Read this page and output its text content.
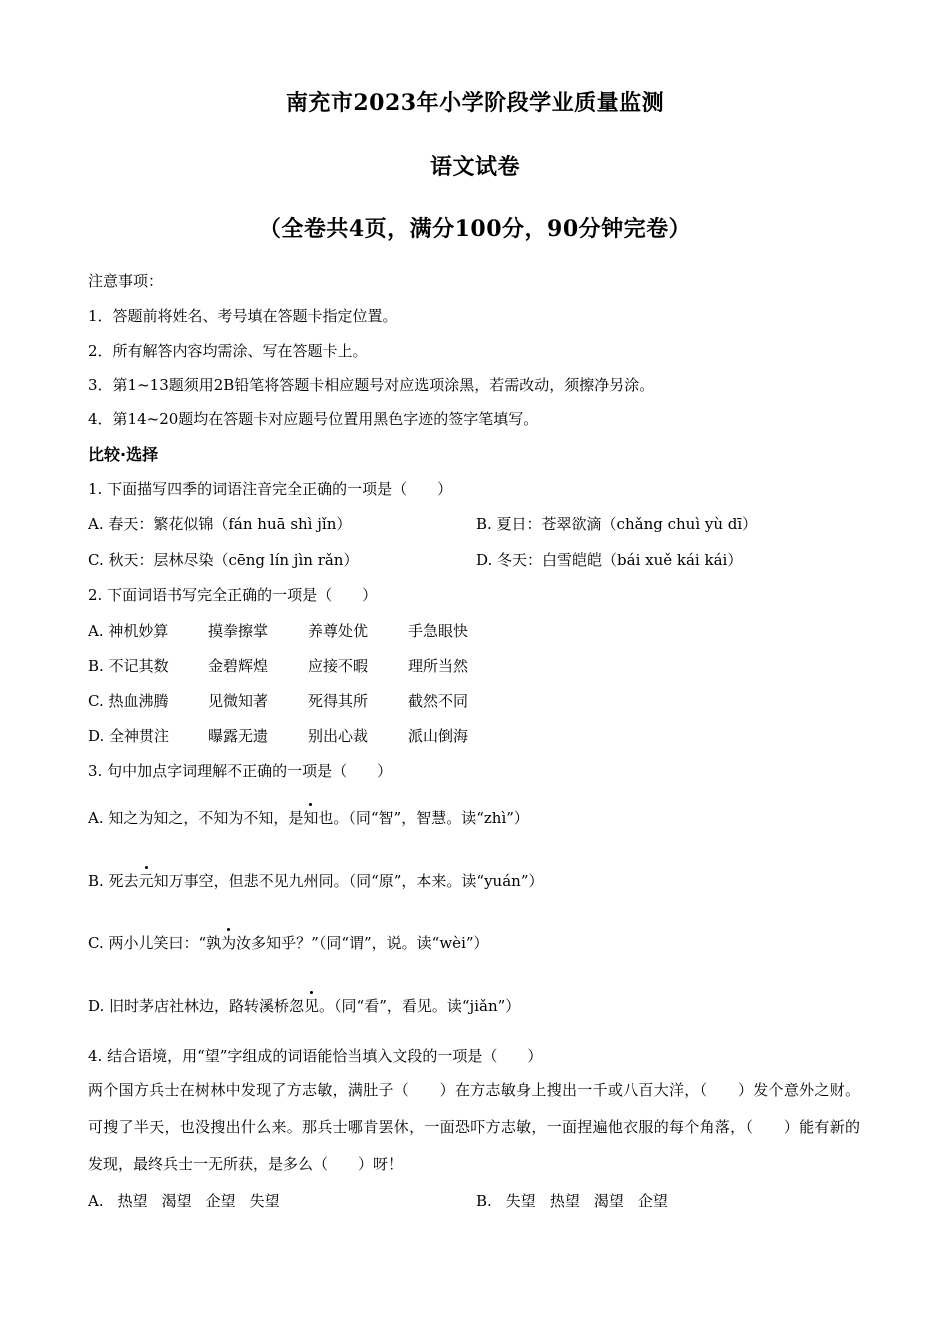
南充市2023年小学阶段学业质量监测
语文试卷
（全卷共4页，满分100分，90分钟完卷）
注意事项：
1．答题前将姓名、考号填在答题卡指定位置。
2．所有解答内容均需涂、写在答题卡上。
3．第1~13题须用2B铅笔将答题卡相应题号对应选项涂黑，若需改动，须擦净另涂。
4．第14~20题均在答题卡对应题号位置用黑色字迹的签字笔填写。
比较·选择
1. 下面描写四季的词语注音完全正确的一项是（　　）
A. 春天：繁花似锦（fán huā shì jǐn）	B. 夏日：苍翠欲滴（chǎng chuì yù dī）
C. 秋天：层林尽染（cēng lín jìn rǎn）	D. 冬天：白雪皑皑（bái xuě kái kái）
2. 下面词语书写完全正确的一项是（　　）
A. 神机妙算	摸拳擦掌	养尊处优	手急眼快
B. 不记其数	金碧辉煌	应接不暇	理所当然
C. 热血沸腾	见微知著	死得其所	截然不同
D. 全神贯注	曝露无遗	别出心裁	派山倒海
3. 句中加点字词理解不正确的一项是（　　）
A. 知之为知之，不知为不知，是知也。（同“智”，智慧。读“zhì”）
B. 死去元知万事空，但悲不见九州同。（同“原”，本来。读“yuán”）
C. 两小儿笑曰：“孰为汝多知乎？”（同“谓”，说。读“wèi”）
D. 旧时茅店社林边，路转溪桥忽见。（同“看”，看见。读“jiǎn”）
4. 结合语境，用“望”字组成的词语能恰当填入文段的一项是（　　）
两个国方兵士在树林中发现了方志敏，满肚子（　　）在方志敏身上搜出一千或八百大洋，（　　）发个意外之财。可搜了半天，也没搜出什么来。那兵士哪肯罢休，一面恐吓方志敏，一面捏遍他衣服的每个角落，（　　）能有新的发现，最终兵士一无所获，是多么（　　）呀！
A. 热望 渴望 企望 失望	B. 失望 热望 渴望 企望
